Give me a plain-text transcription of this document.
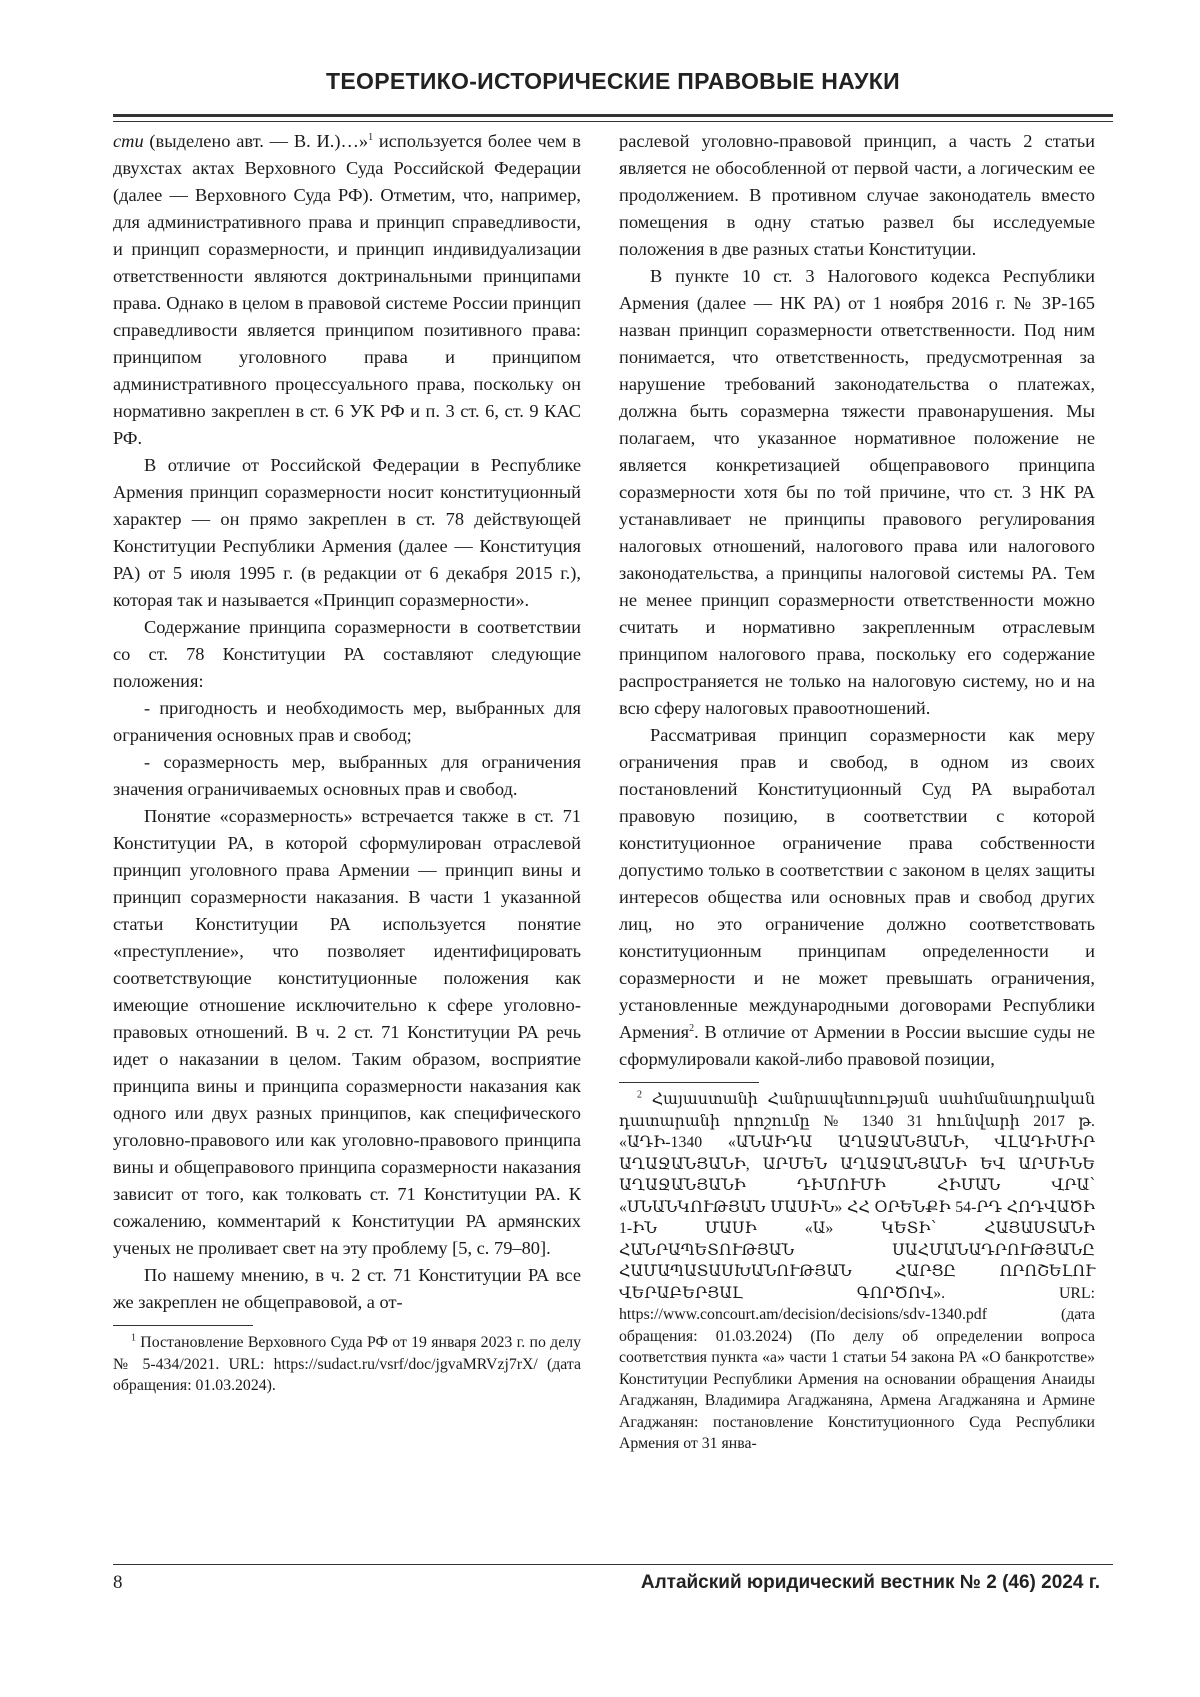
ТЕОРЕТИКО-ИСТОРИЧЕСКИЕ ПРАВОВЫЕ НАУКИ

сти (выделено авт. — В. И.)…»$^1$ используется более чем в двухстах актах Верховного Суда Российской Федерации (далее — Верховного Суда РФ). Отметим, что, например, для административного права и принцип справедливости, и принцип соразмерности, и принцип индивидуализации ответственности являются доктринальными принципами права. Однако в целом в правовой системе России принцип справедливости является принципом позитивного права: принципом уголовного права и принципом административного процессуального права, поскольку он нормативно закреплен в ст. 6 УК РФ и п. 3 ст. 6, ст. 9 КАС РФ.

В отличие от Российской Федерации в Республике Армения принцип соразмерности носит конституционный характер — он прямо закреплен в ст. 78 действующей Конституции Республики Армения (далее — Конституция РА) от 5 июля 1995 г. (в редакции от 6 декабря 2015 г.), которая так и называется «Принцип соразмерности».

Содержание принципа соразмерности в соответствии со ст. 78 Конституции РА составляют следующие положения:

- пригодность и необходимость мер, выбранных для ограничения основных прав и свобод;

- соразмерность мер, выбранных для ограничения значения ограничиваемых основных прав и свобод.

Понятие «соразмерность» встречается также в ст. 71 Конституции РА, в которой сформулирован отраслевой принцип уголовного права Армении — принцип вины и принцип соразмерности наказания. В части 1 указанной статьи Конституции РА используется понятие «преступление», что позволяет идентифицировать соответствующие конституционные положения как имеющие отношение исключительно к сфере уголовно-правовых отношений. В ч. 2 ст. 71 Конституции РА речь идет о наказании в целом. Таким образом, восприятие принципа вины и принципа соразмерности наказания как одного или двух разных принципов, как специфического уголовно-правового или как уголовно-правового принципа вины и общеправового принципа соразмерности наказания зависит от того, как толковать ст. 71 Конституции РА. К сожалению, комментарий к Конституции РА армянских ученых не проливает свет на эту проблему [5, с. 79–80].

По нашему мнению, в ч. 2 ст. 71 Конституции РА все же закреплен не общеправовой, а от-

$^1$ Постановление Верховного Суда РФ от 19 января 2023 г. по делу № 5-434/2021. URL: https://sudact.ru/vsrf/doc/jgvaMRVzj7rX/ (дата обращения: 01.03.2024).

раслевой уголовно-правовой принцип, а часть 2 статьи является не обособленной от первой части, а логическим ее продолжением. В противном случае законодатель вместо помещения в одну статью развел бы исследуемые положения в две разных статьи Конституции.

В пункте 10 ст. 3 Налогового кодекса Республики Армения (далее — НК РА) от 1 ноября 2016 г. № ЗР-165 назван принцип соразмерности ответственности. Под ним понимается, что ответственность, предусмотренная за нарушение требований законодательства о платежах, должна быть соразмерна тяжести правонарушения. Мы полагаем, что указанное нормативное положение не является конкретизацией общеправового принципа соразмерности хотя бы по той причине, что ст. 3 НК РА устанавливает не принципы правового регулирования налоговых отношений, налогового права или налогового законодательства, а принципы налоговой системы РА. Тем не менее принцип соразмерности ответственности можно считать и нормативно закрепленным отраслевым принципом налогового права, поскольку его содержание распространяется не только на налоговую систему, но и на всю сферу налоговых правоотношений.

Рассматривая принцип соразмерности как меру ограничения прав и свобод, в одном из своих постановлений Конституционный Суд РА выработал правовую позицию, в соответствии с которой конституционное ограничение права собственности допустимо только в соответствии с законом в целях защиты интересов общества или основных прав и свобод других лиц, но это ограничение должно соответствовать конституционным принципам определенности и соразмерности и не может превышать ограничения, установленные международными договорами Республики Армения$^2$. В отличие от Армении в России высшие суды не сформулировали какой-либо правовой позиции,

$^2$ Հայաստանի Հանրապետության սահմանադրական դատարանի որոշումը № 1340 31 հունվարի 2017 թ. «ԱԴԻ-1340 «ԱՆԱԻԴԱ ԱՂԱՋԱՆՅԱՆԻ, ՎԼԱԴԻՄԻՐ ԱՂԱՋԱՆՅԱՆԻ, ԱՐՄԵՆ ԱՂԱՋԱՆՅԱՆԻ ԵՎ ԱՐՄԻՆԵ ԱՂԱՋԱՆՅԱՆԻ ԴԻՄՈՒՄԻ ՀԻՄԱՆ ՎՐԱ՝ «ՍՆԱՆԿՈՒԹՅԱՆ ՄԱՍԻՆ» ՀՀ ՕՐԵՆՔԻ 54-ՐԴ ՀՈԴՎԱԾԻ 1-ԻՆ ՄԱՍԻ «Ա» ԿԵՏԻ՝ ՀԱՅԱՍՏԱՆԻ ՀԱՆՐԱՊԵՏՈՒԹՅԱՆ ՍԱՀՄԱՆԱԴՐՈՒԹՅԱՆԸ ՀԱՄԱՊԱՏԱՍԽԱՆՈՒԹՅԱՆ ՀԱՐՑԸ ՈՐՈՇԵԼՈՒ ՎԵՐԱԲԵՐՅԱԼ ԳՈՐԾՈՎ». URL: https://www.concourt.am/decision/decisions/sdv-1340.pdf (дата обращения: 01.03.2024) (По делу об определении вопроса соответствия пункта «а» части 1 статьи 54 закона РА «О банкротстве» Конституции Республики Армения на основании обращения Анаиды Агаджанян, Владимира Агаджаняна, Армена Агаджаняна и Армине Агаджанян: постановление Конституционного Суда Республики Армения от 31 янва-

8	Алтайский юридический вестник № 2 (46) 2024 г.
